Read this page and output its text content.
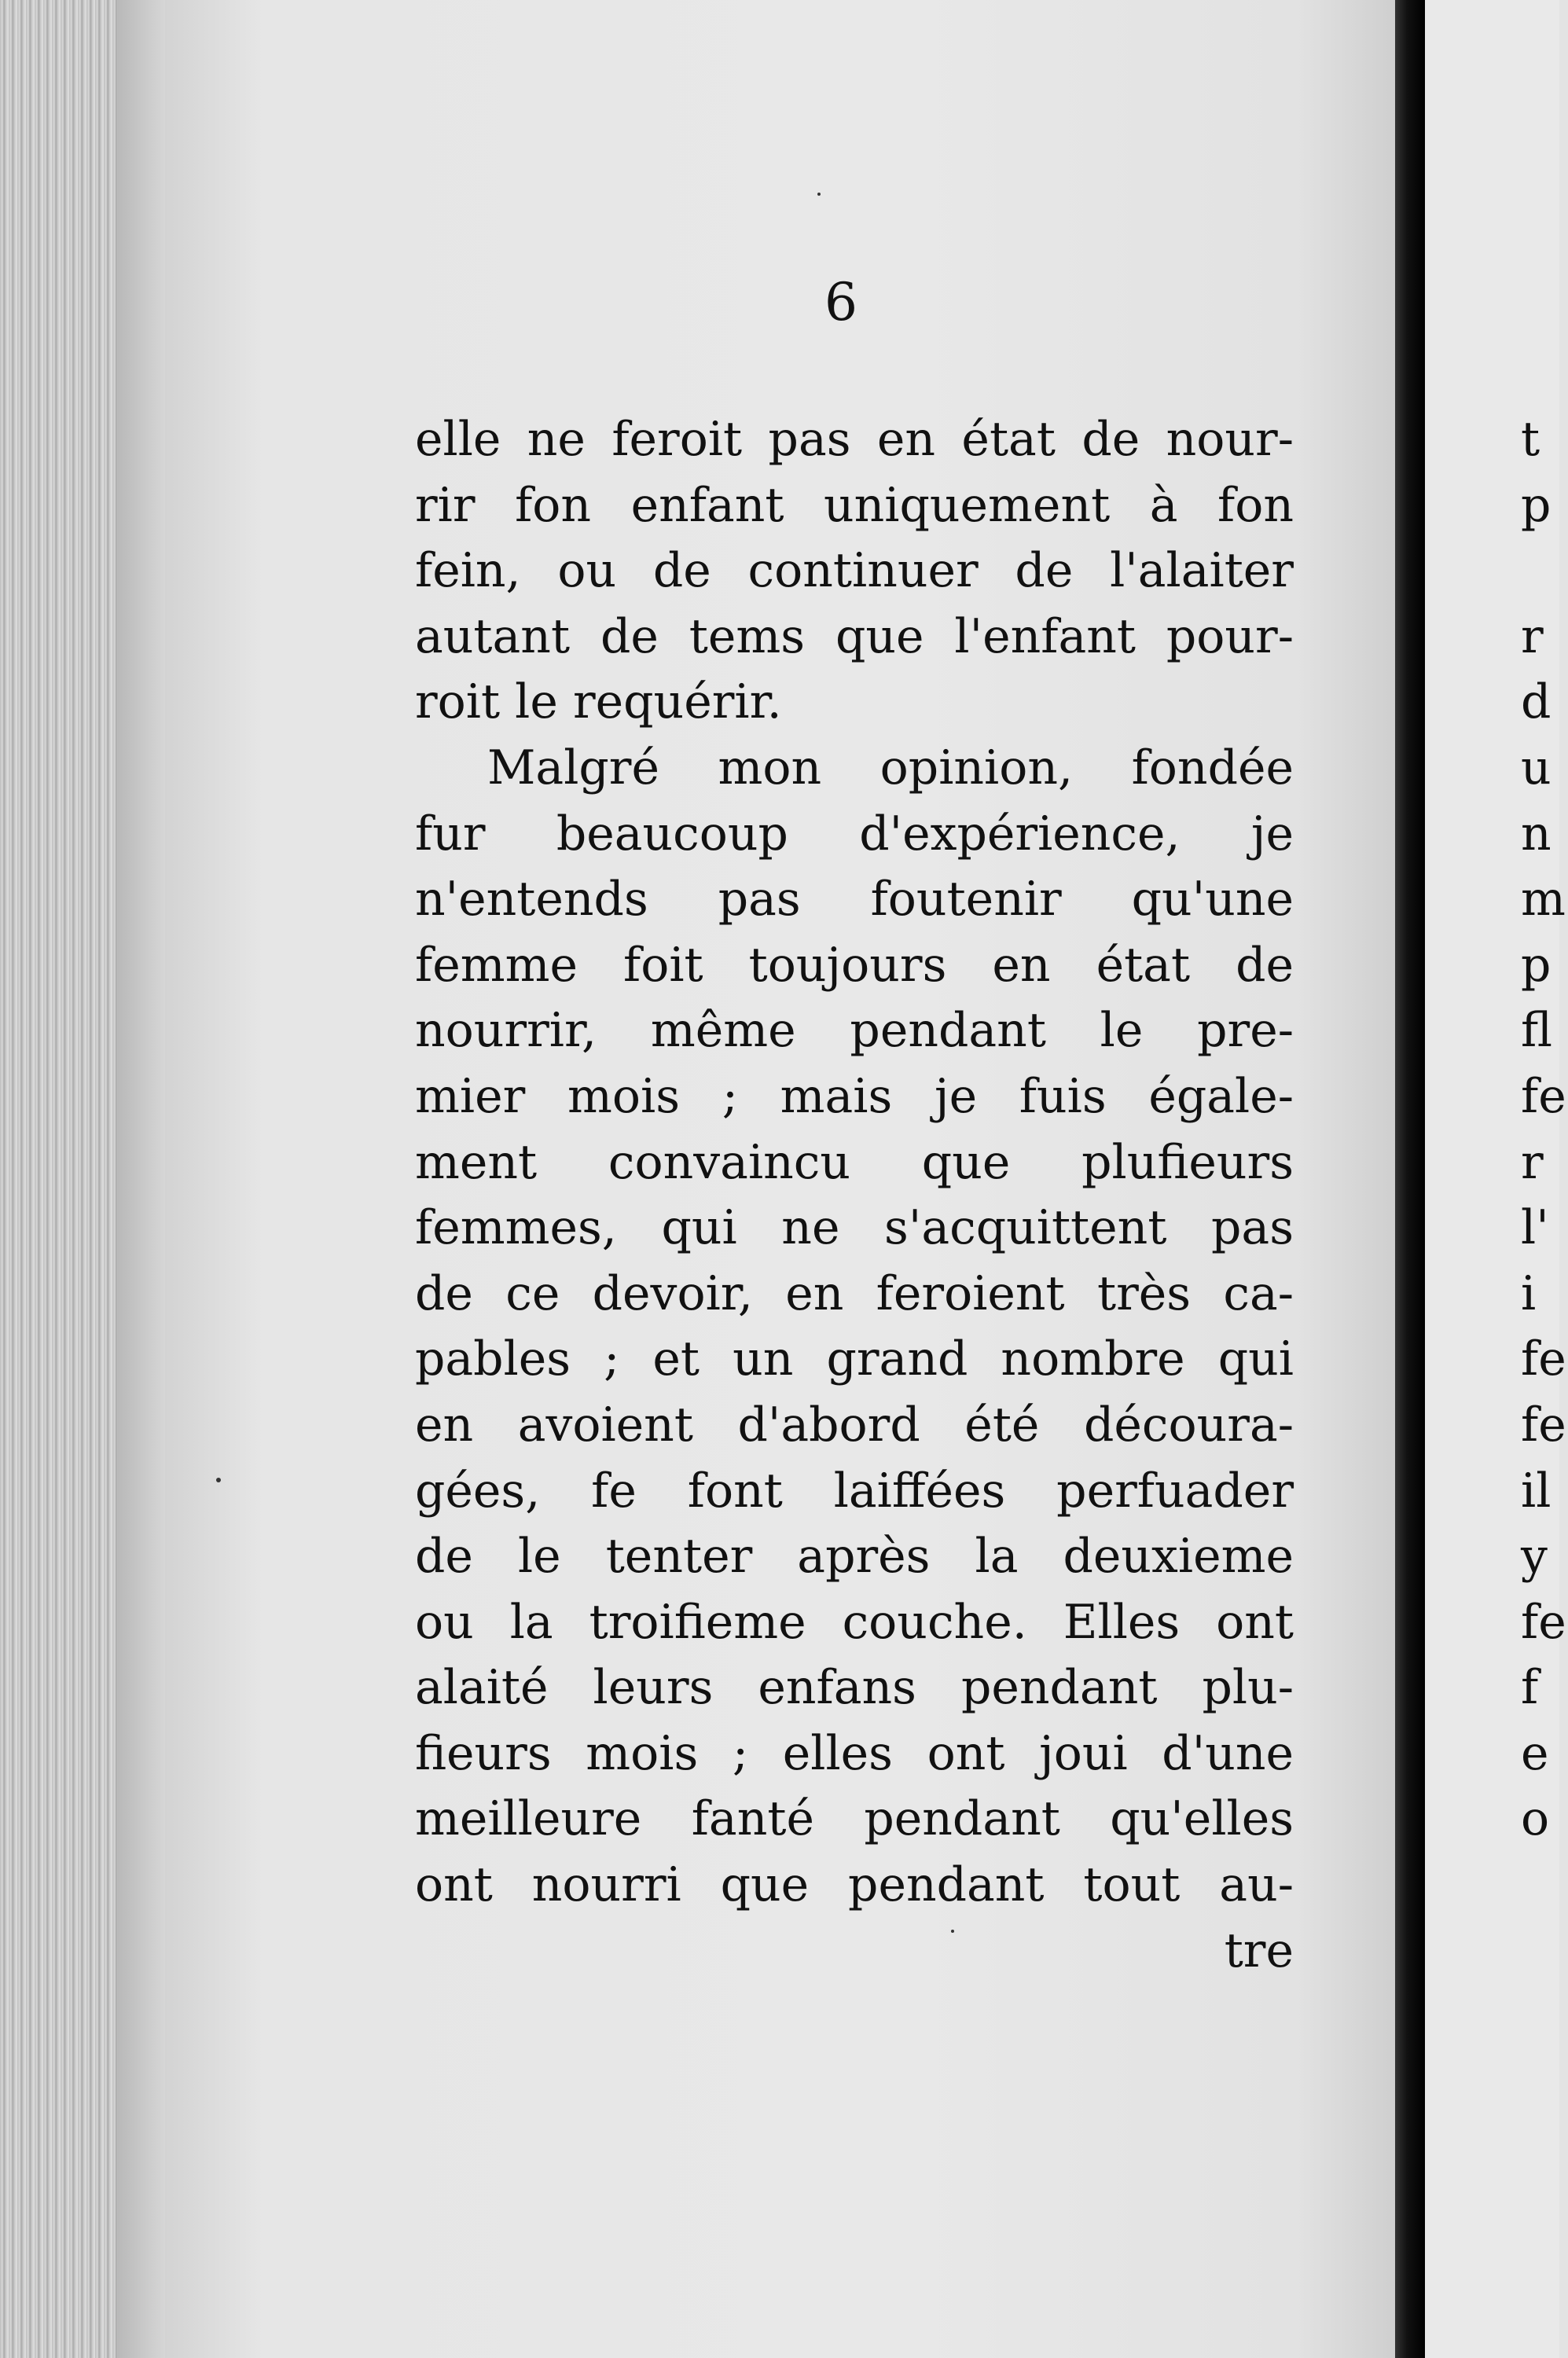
6
elle ne feroit pas en état de nour-
rir fon enfant uniquement à fon
fein, ou de continuer de l'alaiter
autant de tems que l'enfant pour-
roit le requérir.
Malgré mon opinion, fondée
fur beaucoup d'expérience, je
n'entends pas foutenir qu'une
femme foit toujours en état de
nourrir, même pendant le pre-
mier mois ; mais je fuis égale-
ment convaincu que plufieurs
femmes, qui ne s'acquittent pas
de ce devoir, en feroient très ca-
pables ; et un grand nombre qui
en avoient d'abord été découra-
gées, fe font laiffées perfuader
de le tenter après la deuxieme
ou la troifieme couche. Elles ont
alaité leurs enfans pendant plu-
fieurs mois ; elles ont joui d'une
meilleure fanté pendant qu'elles
ont nourri que pendant tout au-
tre
t
p
r
d
u
n
m
p
fl
fe
r
l'
i
fe
fe
il
y
fe
f
e
o
